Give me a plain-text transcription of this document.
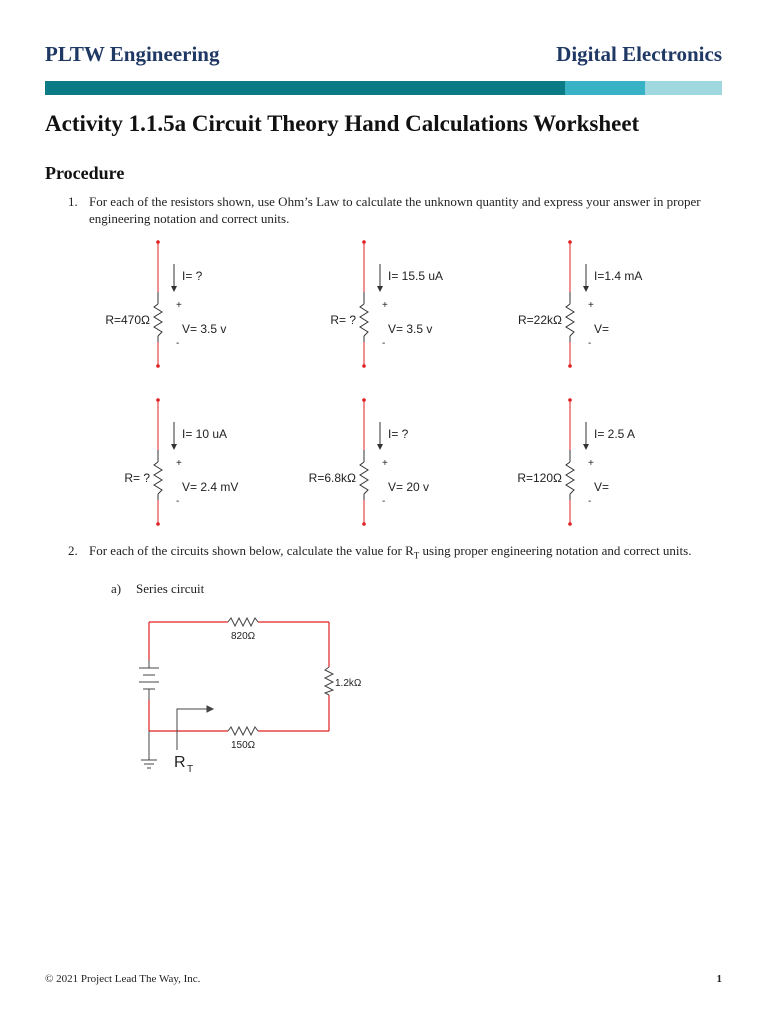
PLTW Engineering	Digital Electronics
Activity 1.1.5a Circuit Theory Hand Calculations Worksheet
Procedure
1. For each of the resistors shown, use Ohm’s Law to calculate the unknown quantity and express your answer in proper engineering notation and correct units.
I= ?
+
V= 3.5 v
-
R=470Ω
I= 15.5 uA
+
V= 3.5 v
-
R= ?
I=1.4 mA
+
V=
-
R=22kΩ
I= 10 uA
+
V= 2.4 mV
-
R= ?
I= ?
+
V= 20 v
-
R=6.8kΩ
I= 2.5 A
+
V=
-
R=120Ω
2. For each of the circuits shown below, calculate the value for $R_T$ using proper engineering notation and correct units.
a) Series circuit
820Ω
1.2kΩ
150Ω
R T
© 2021 Project Lead The Way, Inc.	1
